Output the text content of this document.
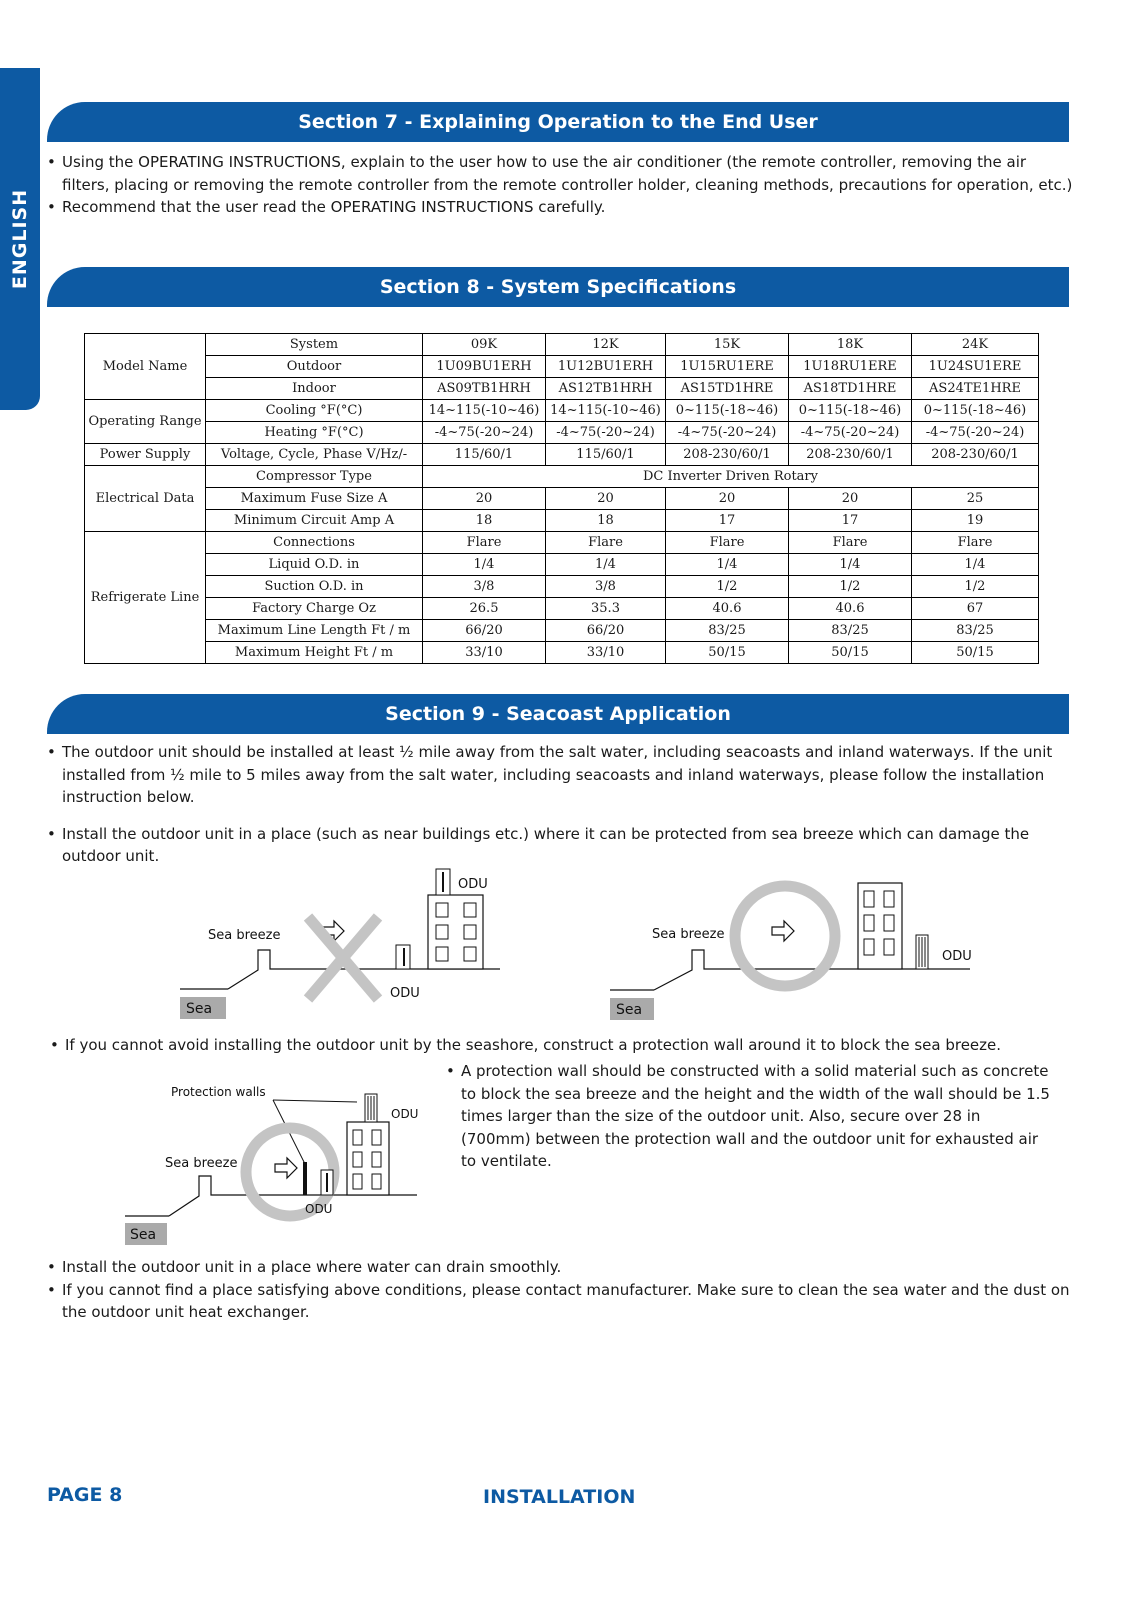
ENGLISH
Section 7 - Explaining Operation to the End User

• Using the OPERATING INSTRUCTIONS, explain to the user how to use the air conditioner (the remote controller, removing the air filters, placing or removing the remote controller from the remote controller holder, cleaning methods, precautions for operation, etc.)

• Recommend that the user read the OPERATING INSTRUCTIONS carefully.

Section 8 - System Specifications
Model Name	System	09K	12K	15K	18K	24K
	Outdoor	1U09BU1ERH	1U12BU1ERH	1U15RU1ERE	1U18RU1ERE	1U24SU1ERE
	Indoor	AS09TB1HRH	AS12TB1HRH	AS15TD1HRE	AS18TD1HRE	AS24TE1HRE
Operating Range	Cooling °F(°C)	14~115(-10~46)	14~115(-10~46)	0~115(-18~46)	0~115(-18~46)	0~115(-18~46)
	Heating °F(°C)	-4~75(-20~24)	-4~75(-20~24)	-4~75(-20~24)	-4~75(-20~24)	-4~75(-20~24)
Power Supply	Voltage, Cycle, Phase V/Hz/-	115/60/1	115/60/1	208-230/60/1	208-230/60/1	208-230/60/1
Electrical Data	Compressor Type	DC Inverter Driven Rotary				
	Maximum Fuse Size A	20	20	20	20	25
	Minimum Circuit Amp A	18	18	17	17	19
Refrigerate Line	Connections	Flare	Flare	Flare	Flare	Flare
	Liquid O.D. in	1/4	1/4	1/4	1/4	1/4
	Suction O.D. in	3/8	3/8	1/2	1/2	1/2
	Factory Charge Oz	26.5	35.3	40.6	40.6	67
	Maximum Line Length Ft / m	66/20	66/20	83/25	83/25	83/25
	Maximum Height Ft / m	33/10	33/10	50/15	50/15	50/15
Section 9 - Seacoast Application

• The outdoor unit should be installed at least ½ mile away from the salt water, including seacoasts and inland waterways. If the unit installed from ½ mile to 5 miles away from the salt water, including seacoasts and inland waterways, please follow the installation instruction below.

• Install the outdoor unit in a place (such as near buildings etc.) where it can be protected from sea breeze which can damage the outdoor unit.

Sea
Sea breeze
ODU
ODU
Sea
Sea breeze
ODU

• If you cannot avoid installing the outdoor unit by the seashore, construct a protection wall around it to block the sea breeze.

Sea
Sea breeze
Protection walls
ODU
ODU

• A protection wall should be constructed with a solid material such as concrete to block the sea breeze and the height and the width of the wall should be 1.5 times larger than the size of the outdoor unit. Also, secure over 28 in (700mm) between the protection wall and the outdoor unit for exhausted air to ventilate.

• Install the outdoor unit in a place where water can drain smoothly.

• If you cannot find a place satisfying above conditions, please contact manufacturer. Make sure to clean the sea water and the dust on the outdoor unit heat exchanger.

PAGE 8	INSTALLATION
